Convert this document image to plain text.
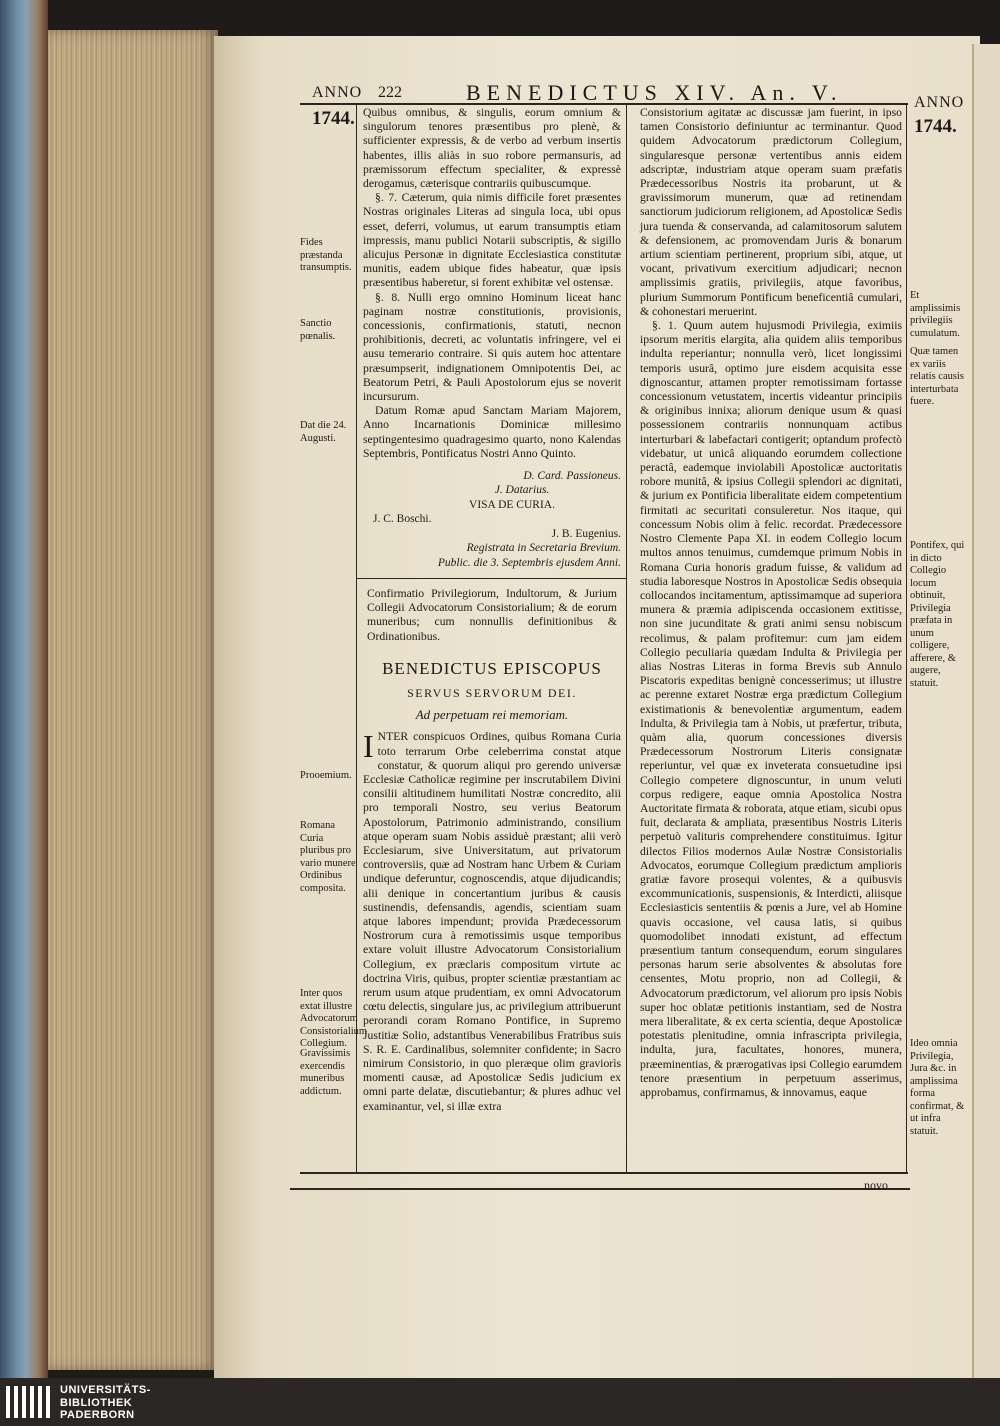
ANNO 222	BENEDICTUS XIV. An. V.	ANNO
1744.	1744.

Quibus omnibus, & singulis, eorum omnium & singulorum tenores præsentibus pro plenè, & sufficienter expressis, & de verbo ad verbum insertis habentes, illis aliàs in suo robore permansuris, ad præmissorum effectum specialiter, & expressè derogamus, cæterisque contrariis quibuscumque.

§. 7. Cæterum, quia nimis difficile foret præsentes Nostras originales Literas ad singula loca, ubi opus esset, deferri, volumus, ut earum transumptis etiam impressis, manu publici Notarii subscriptis, & sigillo alicujus Personæ in dignitate Ecclesiastica constitutæ munitis, eadem ubique fides habeatur, quæ ipsis præsentibus haberetur, si forent exhibitæ vel ostensæ.

§. 8. Nulli ergo omnino Hominum liceat hanc paginam nostræ constitutionis, provisionis, concessionis, confirmationis, statuti, necnon prohibitionis, decreti, ac voluntatis infringere, vel ei ausu temerario contraire. Si quis autem hoc attentare præsumpserit, indignationem Omnipotentis Dei, ac Beatorum Petri, & Pauli Apostolorum ejus se noverit incursurum.

Datum Romæ apud Sanctam Mariam Majorem, Anno Incarnationis Dominicæ millesimo septingentesimo quadragesimo quarto, nono Kalendas Septembris, Pontificatus Nostri Anno Quinto.

D. Card. Passioneus.
J. Datarius.
VISA DE CURIA.
J. C. Boschi.
J. B. Eugenius.
Registrata in Secretaria Brevium.
Public. die 3. Septembris ejusdem Anni.

Confirmatio Privilegiorum, Indultorum, & Jurium Collegii Advocatorum Consistorialium; & de eorum muneribus; cum nonnullis definitionibus & Ordinationibus.

BENEDICTUS EPISCOPUS
SERVUS SERVORUM DEI.
Ad perpetuam rei memoriam.

INTER conspicuos Ordines, quibus Romana Curia toto terrarum Orbe celeberrima constat atque constatur, & quorum aliqui pro gerendo universæ Ecclesiæ Catholicæ regimine per inscrutabilem Divini consilii altitudinem humilitati Nostræ concredito, alii pro temporali Nostro, seu verius Beatorum Apostolorum, Patrimonio administrando, consilium atque operam suam Nobis assiduè præstant; alii verò Ecclesiarum, sive Universitatum, aut privatorum controversiis, quæ ad Nostram hanc Urbem & Curiam undique deferuntur, cognoscendis, atque dijudicandis; alii denique in concertantium juribus & causis sustinendis, defensandis, agendis, scientiam suam atque labores impendunt; provida Prædecessorum Nostrorum cura à remotissimis usque temporibus extare voluit illustre Advocatorum Consistorialium Collegium, ex præclaris compositum virtute ac doctrina Viris, quibus, propter scientiæ præstantiam ac rerum usum atque prudentiam, ex omni Advocatorum cœtu delectis, singulare jus, ac privilegium attribuerunt perorandi coram Romano Pontifice, in Supremo Justitiæ Solio, adstantibus Venerabilibus Fratribus suis S. R. E. Cardinalibus, solemniter confidente; in Sacro nimirum Consistorio, in quo pleræque olim graviorìs momenti causæ, ad Apostolicæ Sedis judicium ex omni parte delatæ, discutiebantur; & plures adhuc vel examinantur, vel, si illæ extra

Consistorium agitatæ ac discussæ jam fuerint, in ipso tamen Consistorio definiuntur ac terminantur. Quod quidem Advocatorum prædictorum Collegium, singularesque personæ vertentibus annis eidem adscriptæ, industriam atque operam suam præfatis Prædecessoribus Nostris ita probarunt, ut & gravissimorum munerum, quæ ad retinendam sanctiorum judiciorum religionem, ad Apostolicæ Sedis jura tuenda & conservanda, ad calamitosorum salutem & defensionem, ac promovendam Juris & bonarum artium scientiam pertinerent, proprium sibi, atque, ut vocant, privativum exercitium adjudicari; necnon amplissimis gratiis, privilegiis, atque favoribus, plurium Summorum Pontificum beneficentiâ cumulari, & cohonestari meruerint.

§. 1. Quum autem hujusmodi Privilegia, eximiis ipsorum meritis elargita, alia quidem aliis temporibus indulta reperiantur; nonnulla verò, licet longissimi temporis usurâ, optimo jure eisdem acquisita esse dignoscantur, attamen propter remotissimam fortasse concessionum vetustatem, incertis videantur principiis & originibus innixa; aliorum denique usum & quasi possessionem contrariis nonnunquam actibus interturbari & labefactari contigerit; optandum profectò videbatur, ut unicâ aliquando eorumdem collectione peractâ, eademque inviolabili Apostolicæ auctoritatis robore munitâ, & ipsius Collegii splendori ac dignitati, & jurium ex Pontificia liberalitate eidem competentium firmitati ac securitati consuleretur. Nos itaque, qui concessum Nobis olim à felic. recordat. Prædecessore Nostro Clemente Papa XI. in eodem Collegio locum multos annos tenuimus, cumdemque primum Nobis in Romana Curia honoris gradum fuisse, & validum ad studia laboresque Nostros in Apostolicæ Sedis obsequia collocandos incitamentum, aptissimamque ad superiora munera & præmia adipiscenda occasionem extitisse, non sine jucunditate & grati animi sensu nobiscum recolimus, & palam profitemur: cum jam eidem Collegio peculiaria quædam Indulta & Privilegia per alias Nostras Literas in forma Brevis sub Annulo Piscatoris expeditas benignè concesserimus; ut illustre ac perenne extaret Nostræ erga prædictum Collegium existimationis & benevolentiæ argumentum, eadem Indulta, & Privilegia tam à Nobis, ut præfertur, tributa, quàm alia, quorum concessiones diversis Prædecessorum Nostrorum Literis consignatæ reperiuntur, vel quæ ex inveterata consuetudine ipsi Collegio competere dignoscuntur, in unum veluti corpus redigere, eaque omnia Apostolica Nostra Auctoritate firmata & roborata, atque etiam, sicubi opus fuit, declarata & ampliata, præsentibus Nostris Literis perpetuò valituris comprehendere constituimus. Igitur dilectos Filios modernos Aulæ Nostræ Consistorialis Advocatos, eorumque Collegium prædictum amplioris gratiæ favore prosequi volentes, & a quibusvis excommunicationis, suspensionis, & Interdicti, aliisque Ecclesiasticis sententiis & pœnis a Jure, vel ab Homine quavis occasione, vel causa latis, si quibus quomodolibet innodati existunt, ad effectum præsentium tantum consequendum, eorum singulares personas harum serie absolventes & absolutas fore censentes, Motu proprio, non ad Collegii, & Advocatorum prædictorum, vel aliorum pro ipsis Nobis super hoc oblatæ petitionis instantiam, sed de Nostra mera liberalitate, & ex certa scientia, deque Apostolicæ potestatis plenitudine, omnia infrascripta privilegia, indulta, jura, facultates, honores, munera, præeminentias, & prærogativas ipsi Collegio earumdem tenore præsentium in perpetuum asserimus, approbamus, confirmamus, & innovamus, eaque

Fides præstanda transumptis.
Sanctio pœnalis.
Dat die 24. Augusti.
Prooemium.
Romana Curia pluribus pro vario munere Ordinibus composita.
Inter quos extat illustre Advocatorum Consistorialium Collegium.
Gravissimis exercendis muneribus addictum.
Et amplissimis privilegiis cumulatum.
Quæ tamen ex variis relatis causis interturbata fuere.
Pontifex, qui in dicto Collegio locum obtinuit, Privilegia præfata in unum colligere, afferere, & augere, statuit.
Ideo omnia Privilegia, Jura &c. in amplissima forma confirmat, & ut infra statuit.
novo
UNIVERSITÄTS-
BIBLIOTHEK
PADERBORN
